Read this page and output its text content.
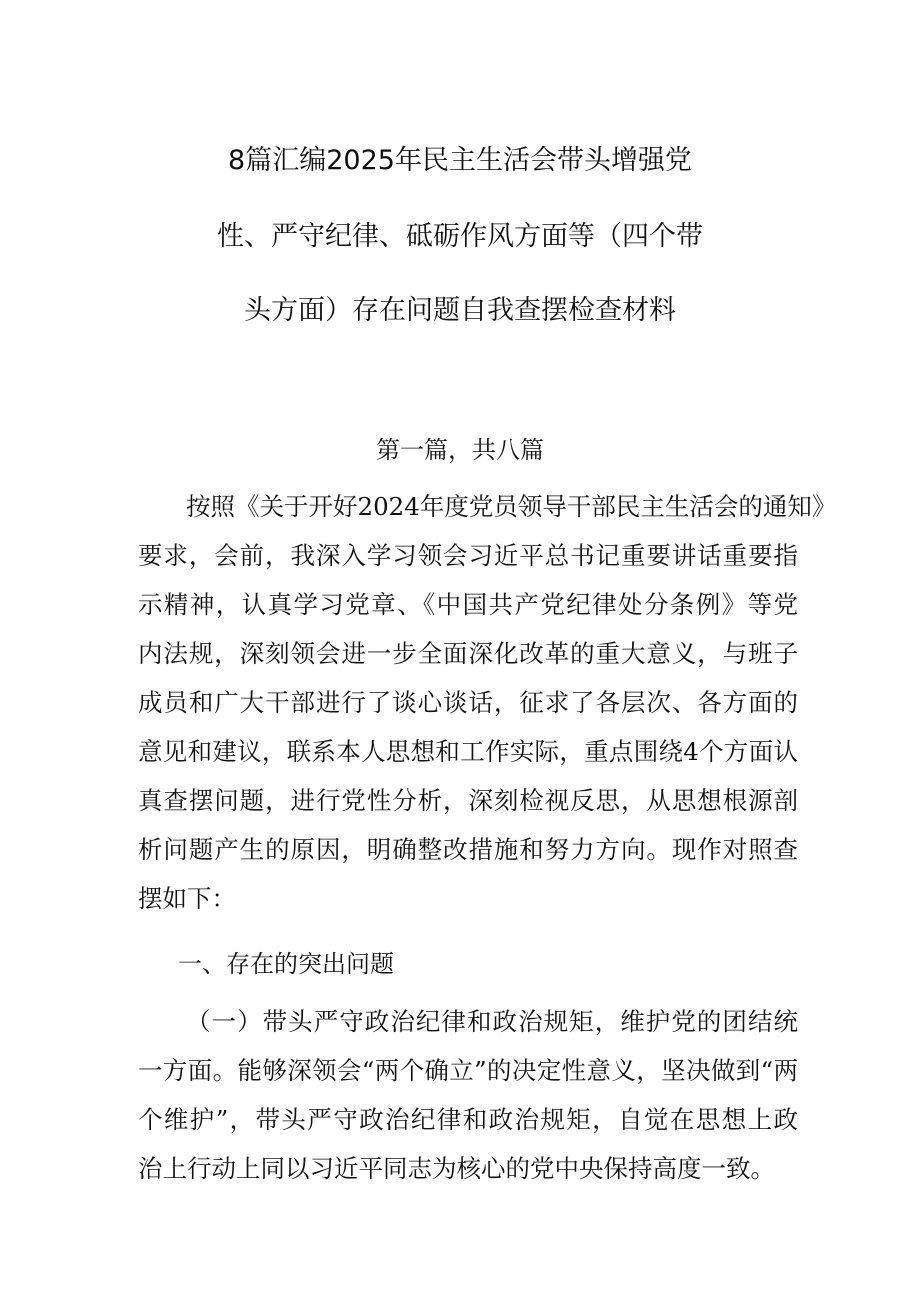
8篇汇编2025年民主生活会带头增强党
性、严守纪律、砥砺作风方面等（四个带
头方面）存在问题自我查摆检查材料
第一篇，共八篇
按照《关于开好2024年度党员领导干部民主生活会的通知》
要求，会前，我深入学习领会习近平总书记重要讲话重要指
示精神，认真学习党章、《中国共产党纪律处分条例》等党
内法规，深刻领会进一步全面深化改革的重大意义，与班子
成员和广大干部进行了谈心谈话，征求了各层次、各方面的
意见和建议，联系本人思想和工作实际，重点围绕4个方面认
真查摆问题，进行党性分析，深刻检视反思，从思想根源剖
析问题产生的原因，明确整改措施和努力方向。现作对照查
摆如下：
一、存在的突出问题
（一）带头严守政治纪律和政治规矩，维护党的团结统
一方面。能够深领会“两个确立”的决定性意义，坚决做到“两
个维护”，带头严守政治纪律和政治规矩，自觉在思想上政
治上行动上同以习近平同志为核心的党中央保持高度一致。
